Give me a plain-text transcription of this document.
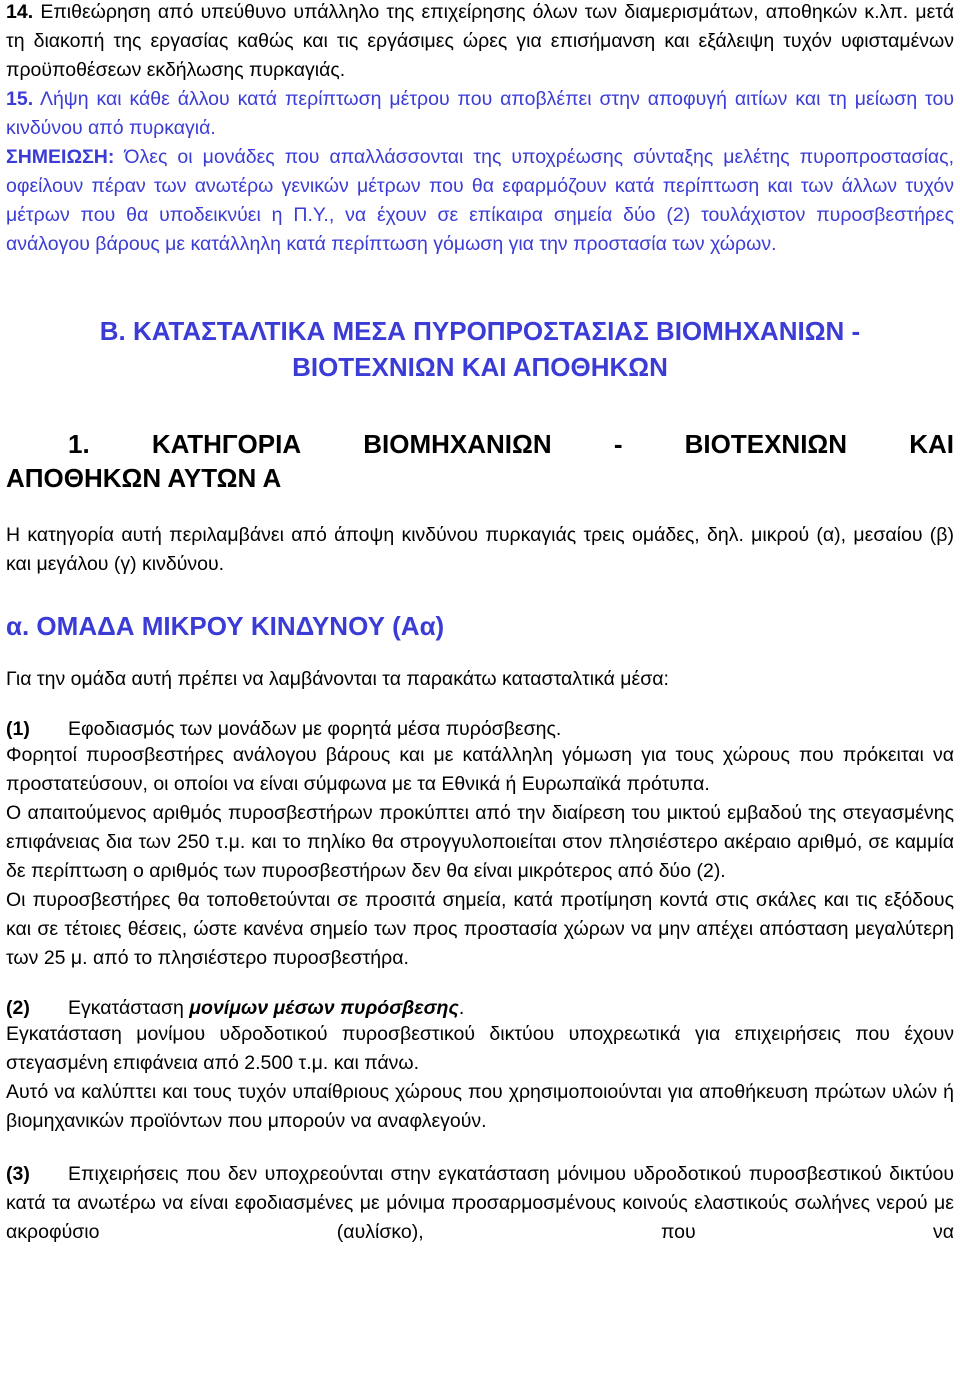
14. Επιθεώρηση από υπεύθυνο υπάλληλο της επιχείρησης όλων των διαμερισμάτων, αποθηκών κ.λπ. μετά τη διακοπή της εργασίας καθώς και τις εργάσιμες ώρες για επισήμανση και εξάλειψη τυχόν υφισταμένων προϋποθέσεων εκδήλωσης πυρκαγιάς.

15. Λήψη και κάθε άλλου κατά περίπτωση μέτρου που αποβλέπει στην αποφυγή αιτίων και τη μείωση του κινδύνου από πυρκαγιά.

ΣΗΜΕΙΩΣΗ: Όλες οι μονάδες που απαλλάσσονται της υποχρέωσης σύνταξης μελέτης πυροπροστασίας, οφείλουν πέραν των ανωτέρω γενικών μέτρων που θα εφαρμόζουν κατά περίπτωση και των άλλων τυχόν μέτρων που θα υποδεικνύει η Π.Υ., να έχουν σε επίκαιρα σημεία δύο (2) τουλάχιστον πυροσβεστήρες ανάλογου βάρους με κατάλληλη κατά περίπτωση γόμωση για την προστασία των χώρων.

Β. ΚΑΤΑΣΤΑΛΤΙΚΑ ΜΕΣΑ ΠΥΡΟΠΡΟΣΤΑΣΙΑΣ ΒΙΟΜΗΧΑΝΙΩΝ -
ΒΙΟΤΕΧΝΙΩΝ ΚΑΙ ΑΠΟΘΗΚΩΝ
1. ΚΑΤΗΓΟΡΙΑ ΒΙΟΜΗΧΑΝΙΩΝ - ΒΙΟΤΕΧΝΙΩΝ ΚΑΙ
ΑΠΟΘΗΚΩΝ ΑΥΤΩΝ Α

Η κατηγορία αυτή περιλαμβάνει από άποψη κινδύνου πυρκαγιάς τρεις ομάδες, δηλ. μικρού (α), μεσαίου (β) και μεγάλου (γ) κινδύνου.

α. ΟΜΑΔΑ ΜΙΚΡΟΥ ΚΙΝΔΥΝΟΥ (Αα)

Για την ομάδα αυτή πρέπει να λαμβάνονται τα παρακάτω κατασταλτικά μέσα:

(1)	Εφοδιασμός των μονάδων με φορητά μέσα πυρόσβεσης.

Φορητοί πυροσβεστήρες ανάλογου βάρους και με κατάλληλη γόμωση για τους χώρους που πρόκειται να προστατεύσουν, οι οποίοι να είναι σύμφωνα με τα Εθνικά ή Ευρωπαϊκά πρότυπα.

Ο απαιτούμενος αριθμός πυροσβεστήρων προκύπτει από την διαίρεση του μικτού εμβαδού της στεγασμένης επιφάνειας δια των 250 τ.μ. και το πηλίκο θα στρογγυλοποιείται στον πλησιέστερο ακέραιο αριθμό, σε καμμία δε περίπτωση ο αριθμός των πυροσβεστήρων δεν θα είναι μικρότερος από δύο (2).

Οι πυροσβεστήρες θα τοποθετούνται σε προσιτά σημεία, κατά προτίμηση κοντά στις σκάλες και τις εξόδους και σε τέτοιες θέσεις, ώστε κανένα σημείο των προς προστασία χώρων να μην απέχει απόσταση μεγαλύτερη των 25 μ. από το πλησιέστερο πυροσβεστήρα.

(2)	Εγκατάσταση μονίμων μέσων πυρόσβεσης.

Εγκατάσταση μονίμου υδροδοτικού πυροσβεστικού δικτύου υποχρεωτικά για επιχειρήσεις που έχουν στεγασμένη επιφάνεια από 2.500 τ.μ. και πάνω.

Αυτό να καλύπτει και τους τυχόν υπαίθριους χώρους που χρησιμοποιούνται για αποθήκευση πρώτων υλών ή βιομηχανικών προϊόντων που μπορούν να αναφλεγούν.

(3) Επιχειρήσεις που δεν υποχρεούνται στην εγκατάσταση μόνιμου υδροδοτικού πυροσβεστικού δικτύου κατά τα ανωτέρω να είναι εφοδιασμένες με μόνιμα προσαρμοσμένους κοινούς ελαστικούς σωλήνες νερού με ακροφύσιο (αυλίσκο), που να
